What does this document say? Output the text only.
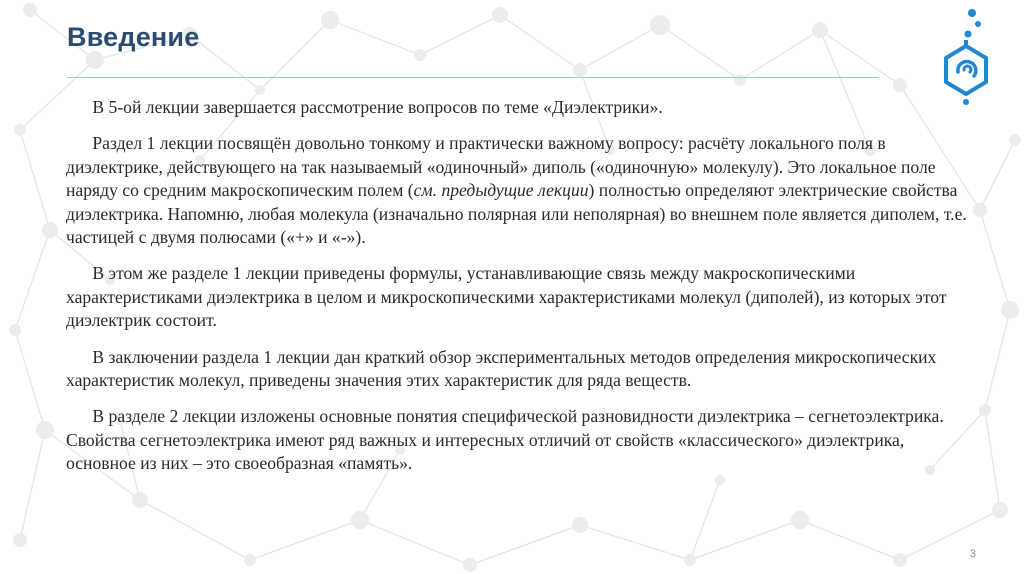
Введение

  В 5-ой лекции завершается рассмотрение вопросов по теме «Диэлектрики».

  Раздел 1 лекции посвящён довольно тонкому и практически важному вопросу: расчёту локального поля в диэлектрике, действующего на так называемый «одиночный» диполь («одиночную» молекулу). Это локальное поле наряду со средним макроскопическим полем (см. предыдущие лекции) полностью определяют электрические свойства диэлектрика. Напомню, любая молекула (изначально полярная или неполярная) во внешнем поле является диполем, т.е. частицей с двумя полюсами («+» и «-»).

  В этом же разделе 1 лекции приведены формулы, устанавливающие связь между макроскопическими характеристиками диэлектрика в целом и микроскопическими характеристиками молекул (диполей), из которых этот диэлектрик состоит.

  В заключении раздела 1 лекции дан краткий обзор экспериментальных методов определения микроскопических характеристик молекул, приведены значения этих характеристик для ряда веществ.

  В разделе 2 лекции изложены основные понятия специфической разновидности диэлектрика – сегнетоэлектрика. Свойства сегнетоэлектрика имеют ряд важных и интересных отличий от свойств «классического» диэлектрика, основное из них – это своеобразная «память».

3
